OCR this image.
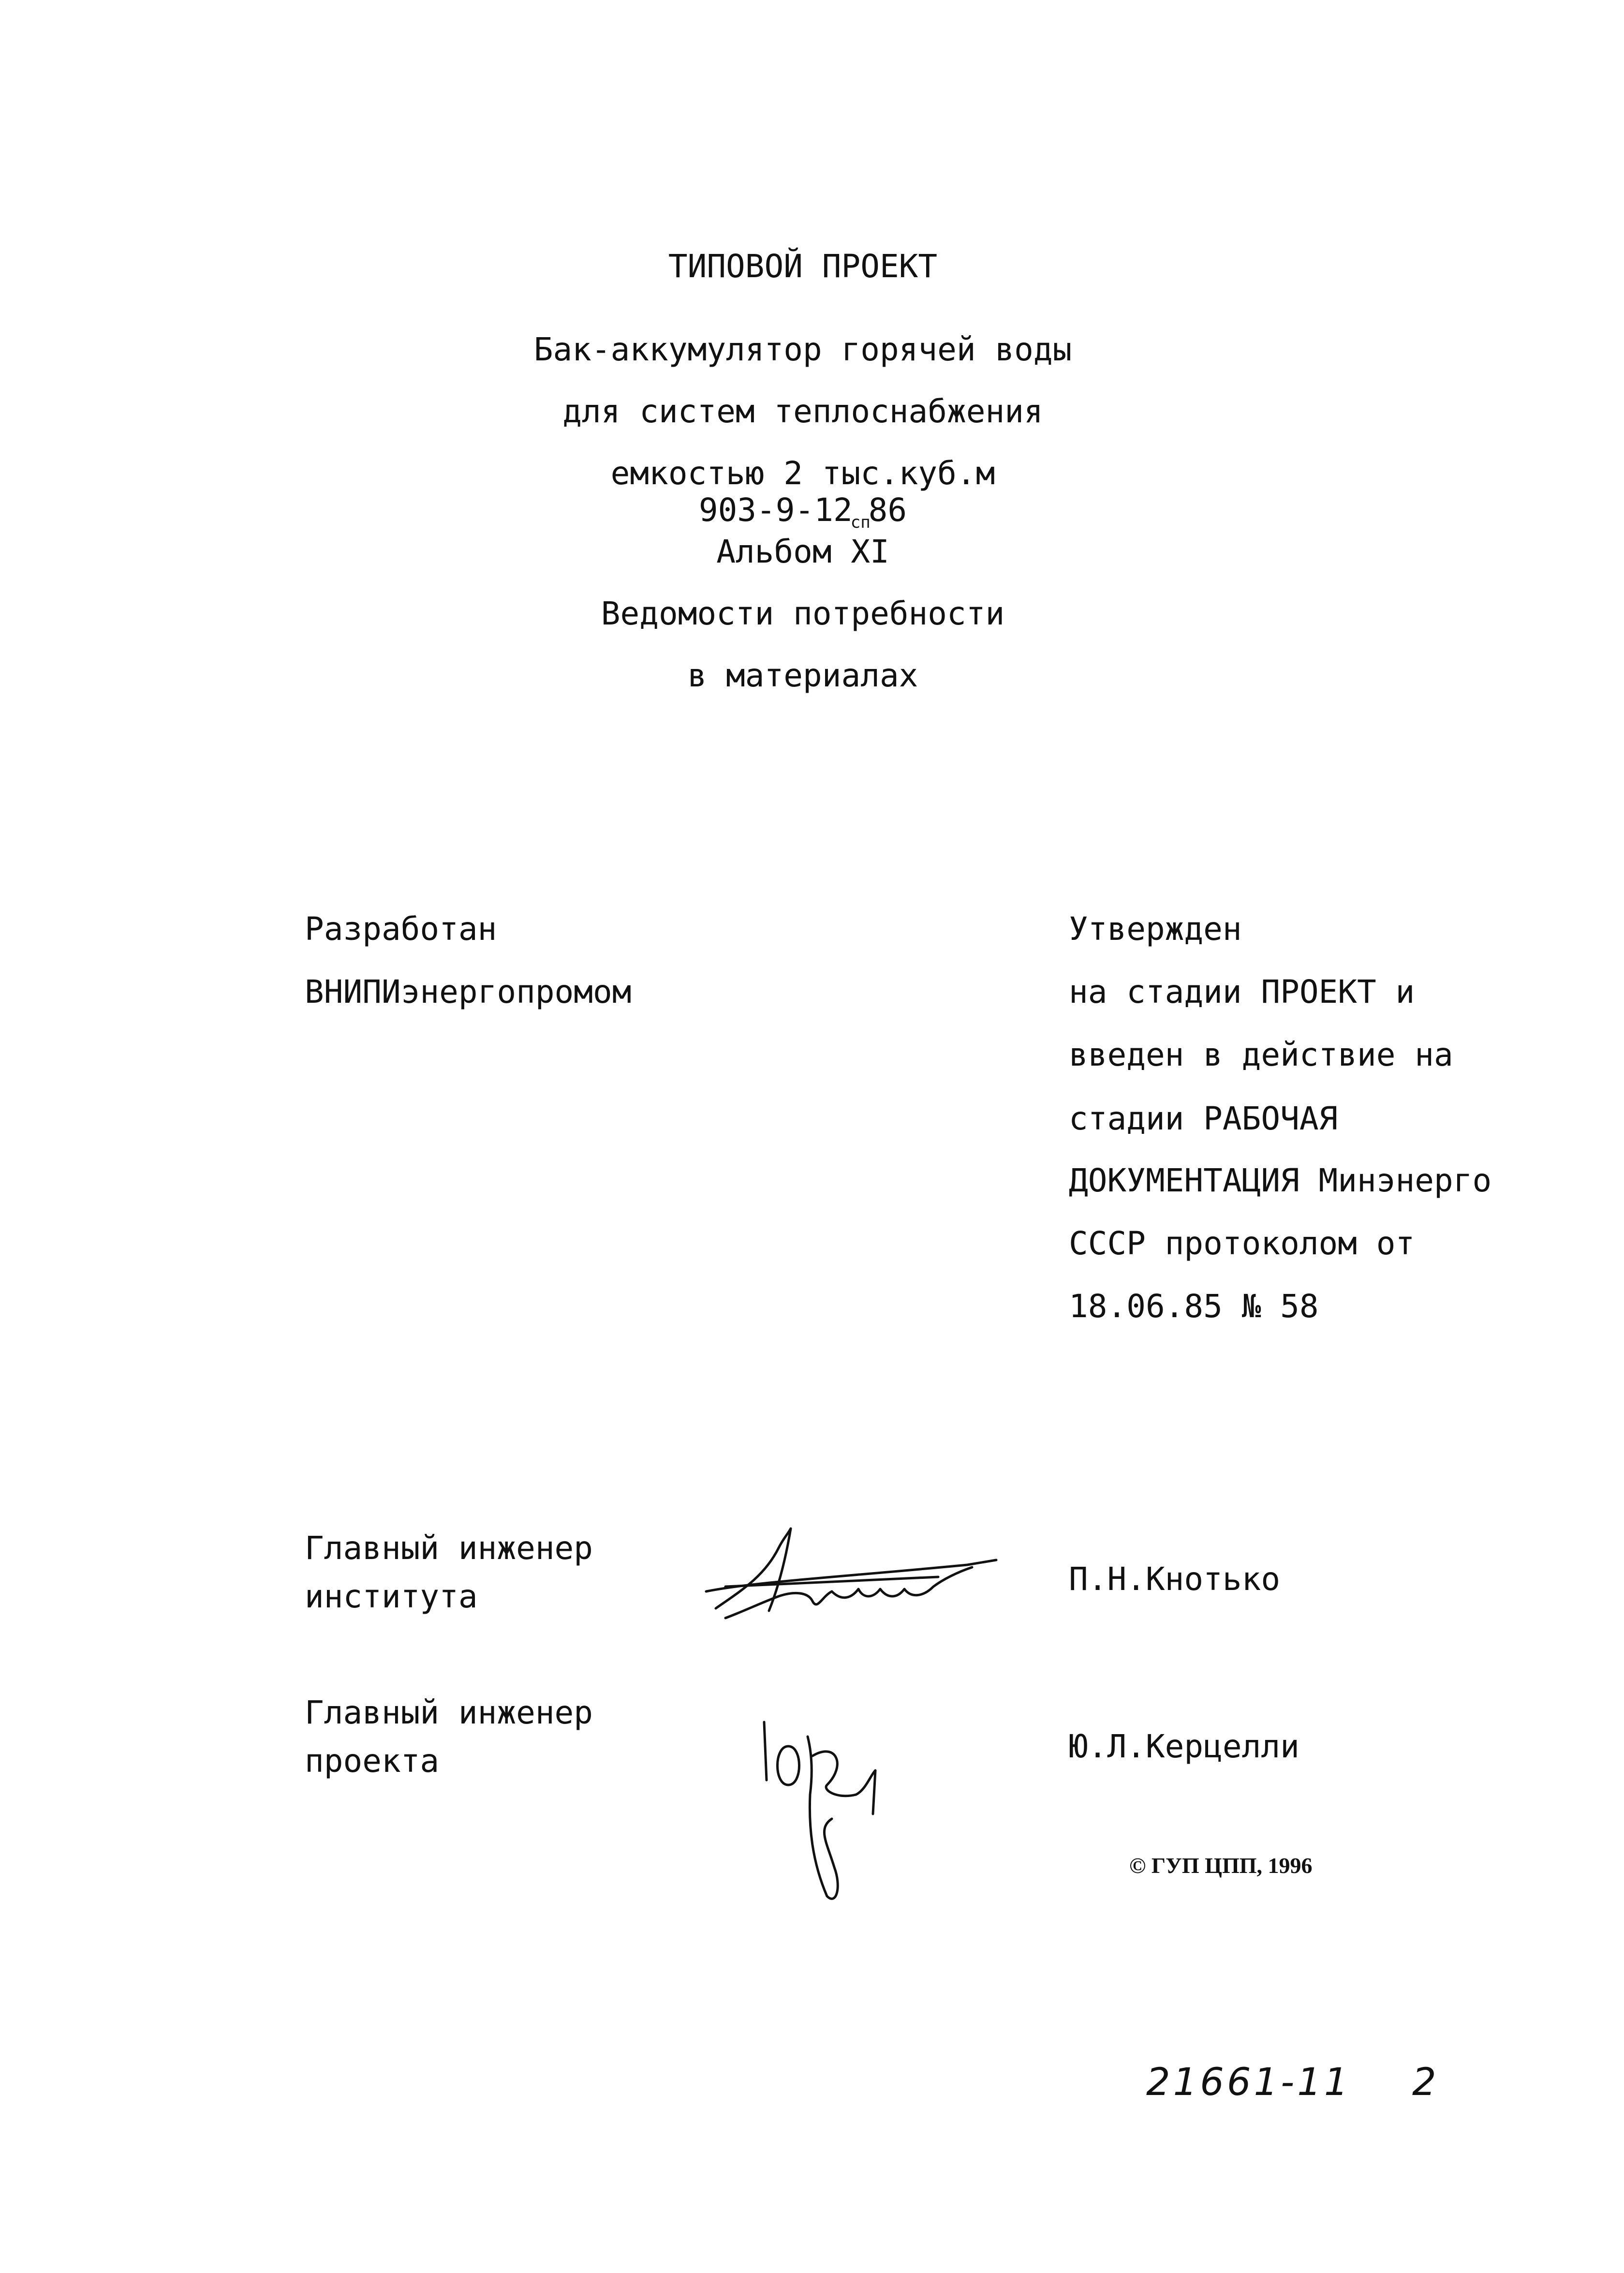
ТИПОВОЙ ПРОЕКТ
Бак-аккумулятор горячей воды
для систем теплоснабжения
емкостью 2 тыс.куб.м
$903-9-12_{сп}86$
Альбом XI
Ведомости потребности
в материалах
Разработан
ВНИПИэнергопромом
Утвержден
на стадии ПРОЕКТ и
введен в действие на
стадии РАБОЧАЯ
ДОКУМЕНТАЦИЯ Минэнерго
СССР протоколом от
18.06.85 № 58
Главный инженер
института	П.Н.Кнотько
Главный инженер
проекта	Ю.Л.Керцелли
© ГУП ЦПП, 1996
21661-11 2
